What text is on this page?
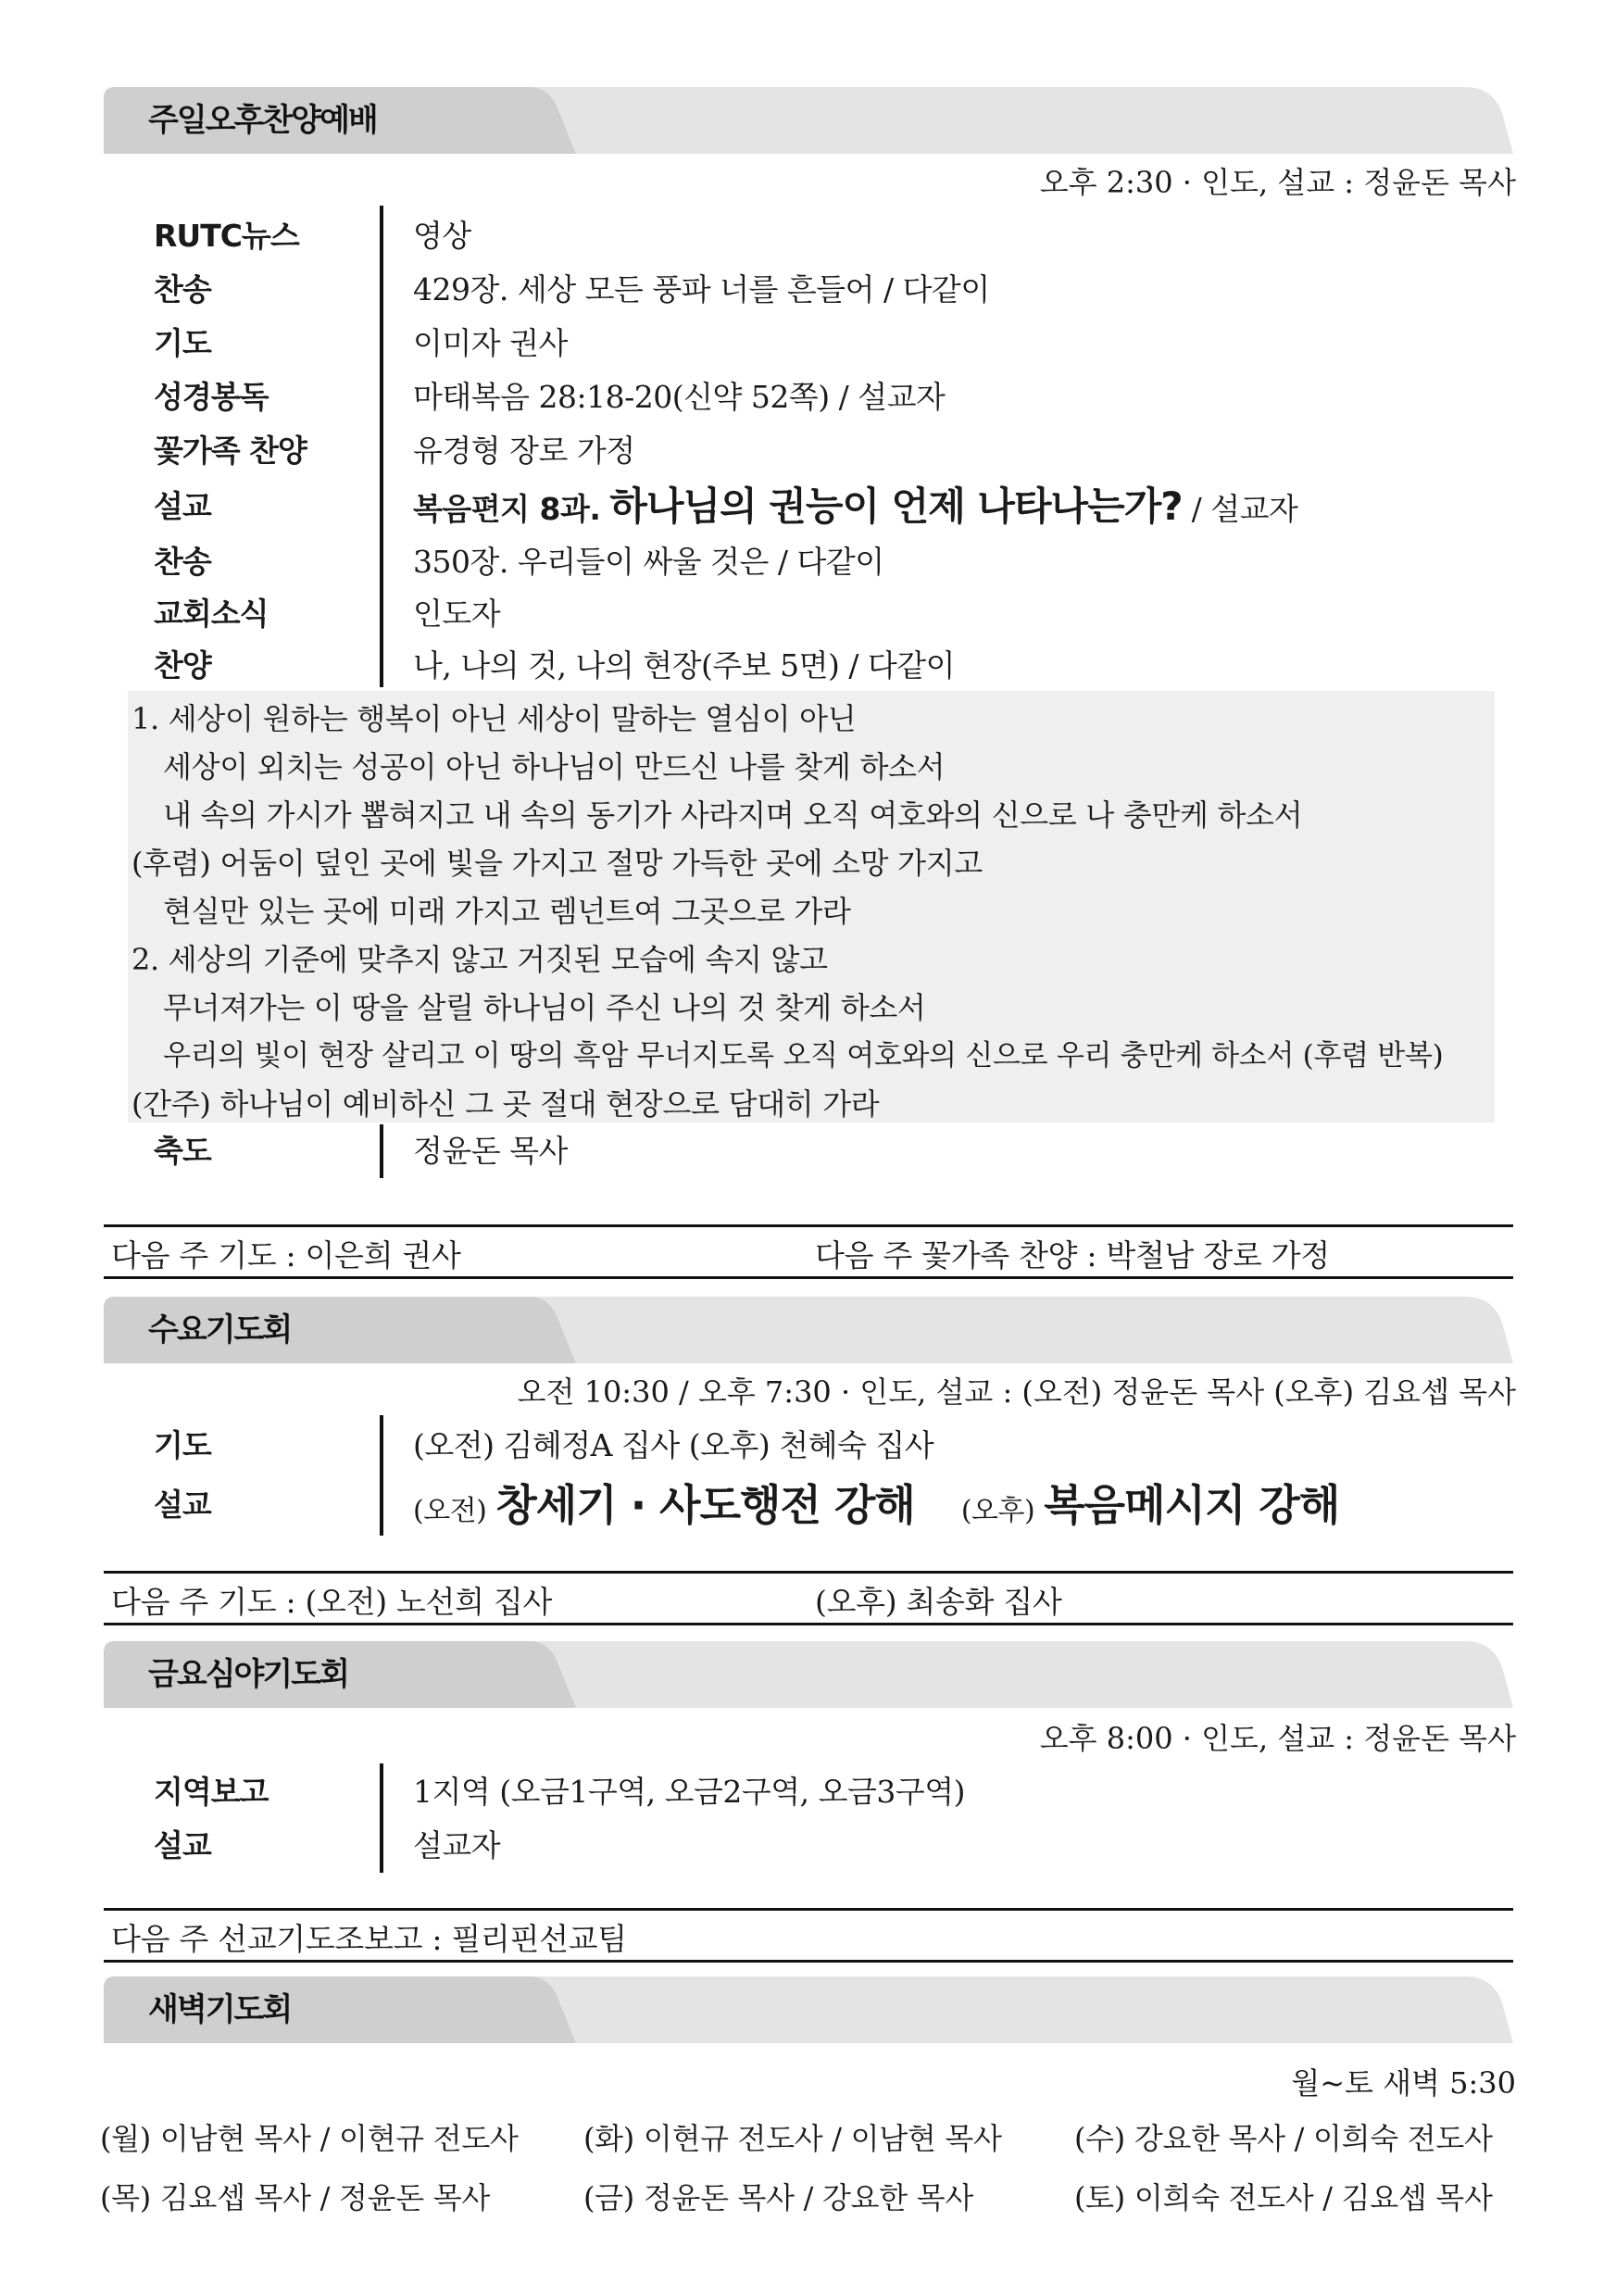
주일오후찬양예배
오후 2:30 · 인도, 설교 : 정윤돈 목사
RUTC뉴스	영상
찬송	429장. 세상 모든 풍파 너를 흔들어 / 다같이
기도	이미자 권사
성경봉독	마태복음 28:18-20(신약 52쪽) / 설교자
꽃가족 찬양	유경형 장로 가정
설교	복음편지 8과. 하나님의 권능이 언제 나타나는가? / 설교자
찬송	350장. 우리들이 싸울 것은 / 다같이
교회소식	인도자
찬양	나, 나의 것, 나의 현장(주보 5면) / 다같이
1. 세상이 원하는 행복이 아닌 세상이 말하는 열심이 아닌
세상이 외치는 성공이 아닌 하나님이 만드신 나를 찾게 하소서
내 속의 가시가 뽑혀지고 내 속의 동기가 사라지며 오직 여호와의 신으로 나 충만케 하소서
(후렴) 어둠이 덮인 곳에 빛을 가지고 절망 가득한 곳에 소망 가지고
현실만 있는 곳에 미래 가지고 렘넌트여 그곳으로 가라
2. 세상의 기준에 맞추지 않고 거짓된 모습에 속지 않고
무너져가는 이 땅을 살릴 하나님이 주신 나의 것 찾게 하소서
우리의 빛이 현장 살리고 이 땅의 흑암 무너지도록 오직 여호와의 신으로 우리 충만케 하소서 (후렴 반복)
(간주) 하나님이 예비하신 그 곳 절대 현장으로 담대히 가라
축도	정윤돈 목사
다음 주 기도 : 이은희 권사	다음 주 꽃가족 찬양 : 박철남 장로 가정
수요기도회
오전 10:30 / 오후 7:30 · 인도, 설교 : (오전) 정윤돈 목사 (오후) 김요셉 목사
기도	(오전) 김혜정A 집사 (오후) 천혜숙 집사
설교	(오전) 창세기 · 사도행전 강해 (오후) 복음메시지 강해
다음 주 기도 : (오전) 노선희 집사	(오후) 최송화 집사
금요심야기도회
오후 8:00 · 인도, 설교 : 정윤돈 목사
지역보고	1지역 (오금1구역, 오금2구역, 오금3구역)
설교	설교자
다음 주 선교기도조보고 : 필리핀선교팀
새벽기도회
월~토 새벽 5:30
(월) 이남현 목사 / 이현규 전도사 (화) 이현규 전도사 / 이남현 목사 (수) 강요한 목사 / 이희숙 전도사
(목) 김요셉 목사 / 정윤돈 목사	(금) 정윤돈 목사 / 강요한 목사	(토) 이희숙 전도사 / 김요셉 목사
